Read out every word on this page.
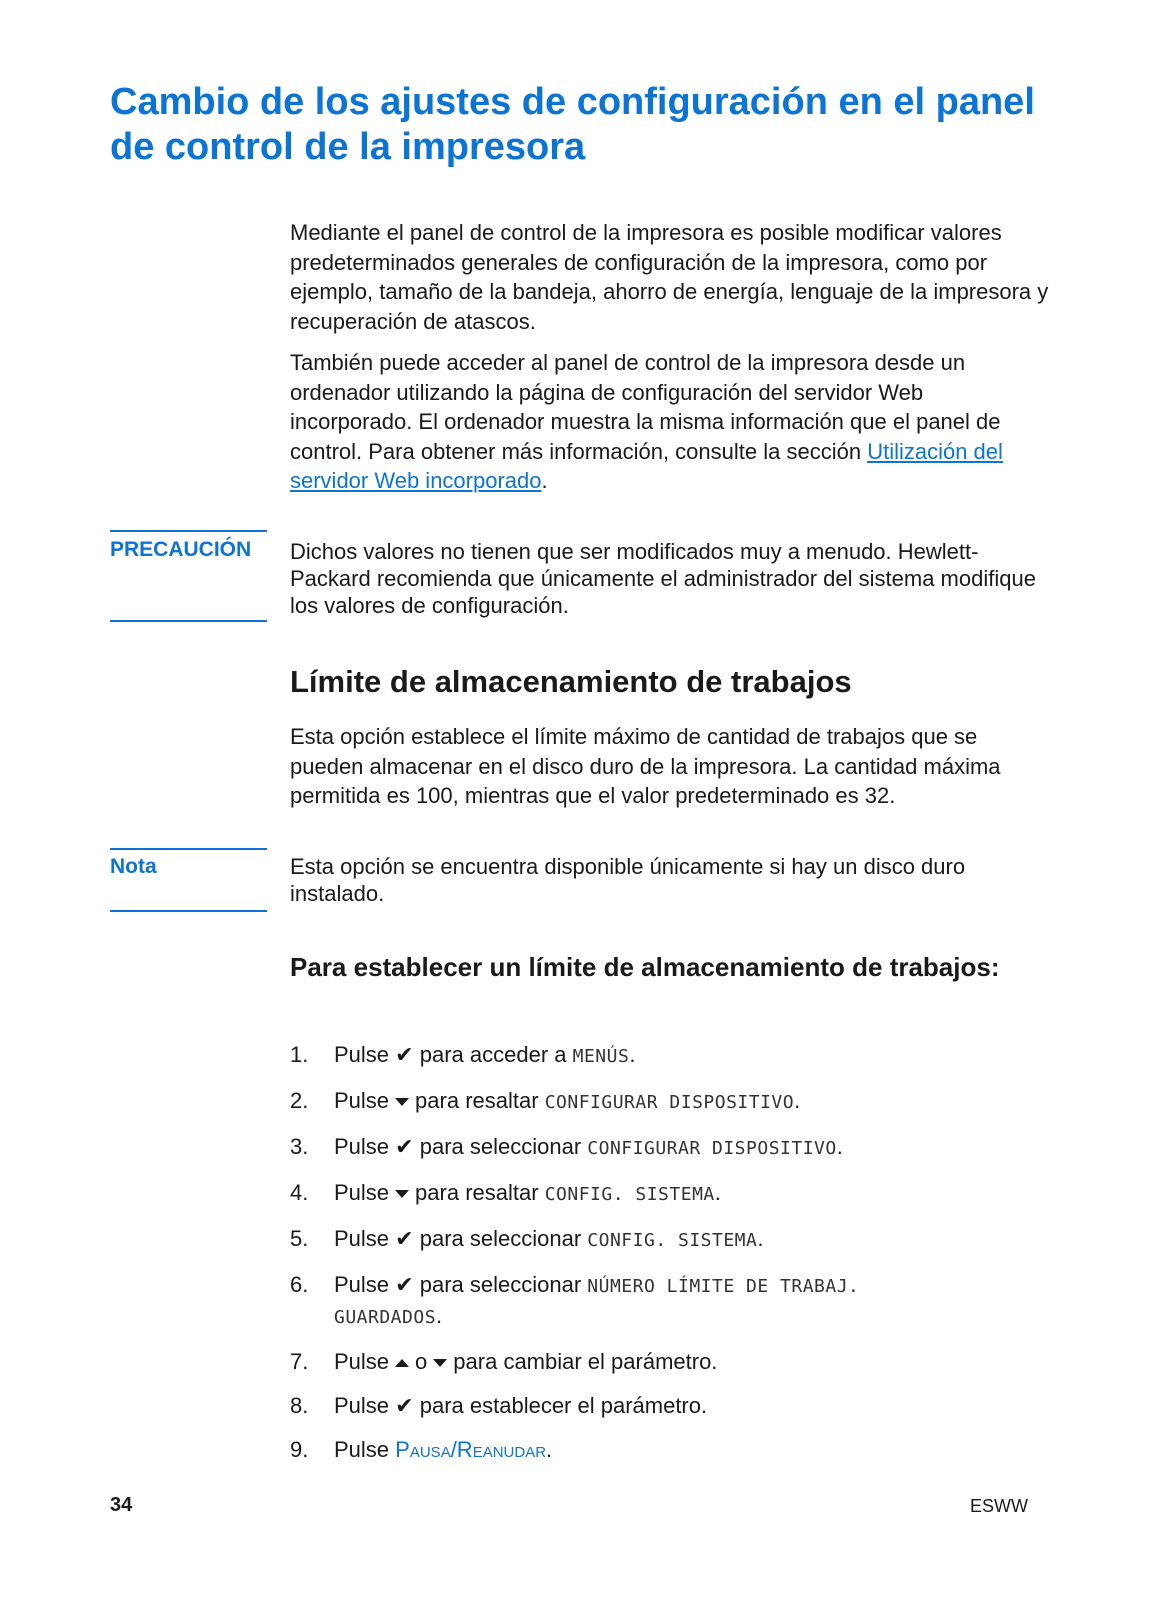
Cambio de los ajustes de configuración en el panel de control de la impresora

Mediante el panel de control de la impresora es posible modificar valores predeterminados generales de configuración de la impresora, como por ejemplo, tamaño de la bandeja, ahorro de energía, lenguaje de la impresora y recuperación de atascos.

También puede acceder al panel de control de la impresora desde un ordenador utilizando la página de configuración del servidor Web incorporado. El ordenador muestra la misma información que el panel de control. Para obtener más información, consulte la sección Utilización del servidor Web incorporado.

PRECAUCIÓN Dichos valores no tienen que ser modificados muy a menudo. Hewlett-Packard recomienda que únicamente el administrador del sistema modifique los valores de configuración.

Límite de almacenamiento de trabajos

Esta opción establece el límite máximo de cantidad de trabajos que se pueden almacenar en el disco duro de la impresora. La cantidad máxima permitida es 100, mientras que el valor predeterminado es 32.

Nota	Esta opción se encuentra disponible únicamente si hay un disco duro instalado.

Para establecer un límite de almacenamiento de trabajos:
1.	Pulse ✔ para acceder a MENÚS.
2.	Pulse para resaltar CONFIGURAR DISPOSITIVO.
3.	Pulse ✔ para seleccionar CONFIGURAR DISPOSITIVO.
4.	Pulse para resaltar CONFIG. SISTEMA.
5.	Pulse ✔ para seleccionar CONFIG. SISTEMA.
6.	Pulse ✔ para seleccionar NÚMERO LÍMITE DE TRABAJ.
GUARDADOS.
7.	Pulse o para cambiar el parámetro.
8.	Pulse ✔ para establecer el parámetro.
9.	Pulse Pausa/Reanudar.
34	ESWW
